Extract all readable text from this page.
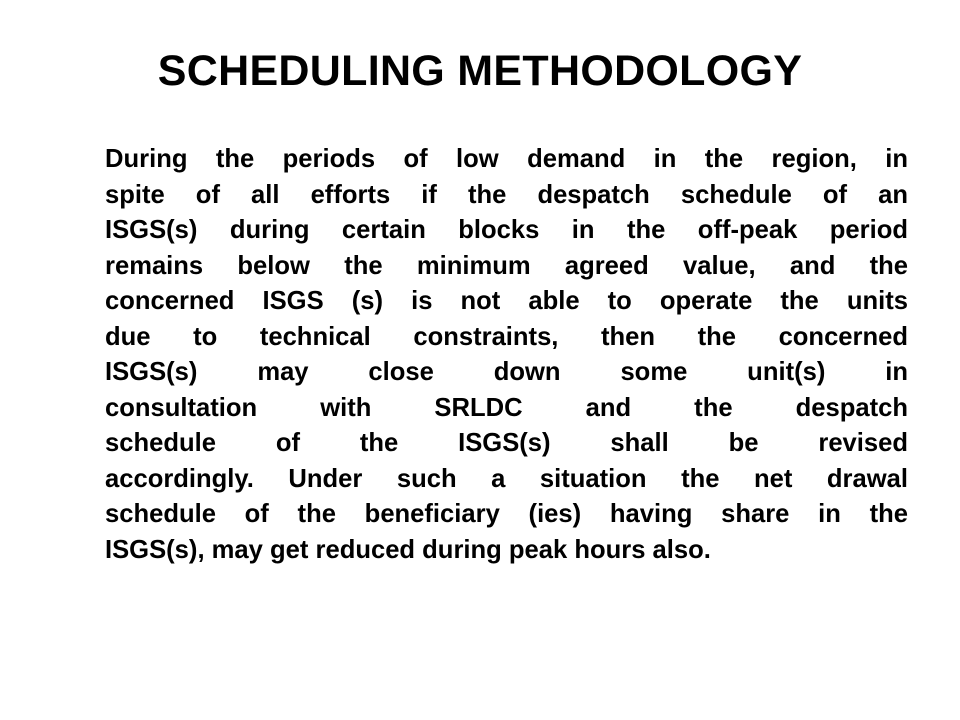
SCHEDULING METHODOLOGY
During the periods of low demand in the region, in
spite of all efforts if the despatch schedule of an
ISGS(s) during certain blocks in the off-peak period
remains below the minimum agreed value, and the
concerned ISGS (s) is not able to operate the units
due to technical constraints, then the concerned
ISGS(s) may close down some unit(s) in
consultation with SRLDC and the despatch
schedule of the ISGS(s) shall be revised
accordingly. Under such a situation the net drawal
schedule of the beneficiary (ies) having share in the
ISGS(s), may get reduced during peak hours also.
